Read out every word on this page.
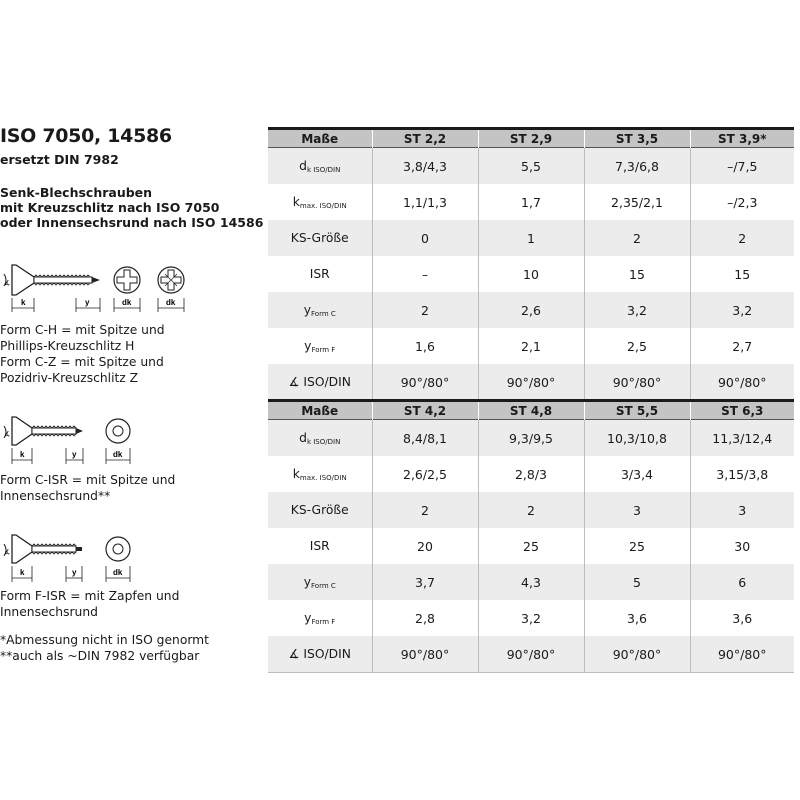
ISO 7050, 14586
ersetzt DIN 7982
Senk-Blechschrauben
mit Kreuzschlitz nach ISO 7050
oder Innensechsrund nach ISO 14586
∡
k	y	dk	dk
Form C-H = mit Spitze und
Phillips-Kreuzschlitz H
Form C-Z = mit Spitze und
Pozidriv-Kreuzschlitz Z
∡
k	y	dk
Form C-ISR = mit Spitze und
Innensechsrund**
∡
k	y	dk
Form F-ISR = mit Zapfen und
Innensechsrund
*Abmessung nicht in ISO genormt
**auch als ~DIN 7982 verfügbar
Maße	ST 2,2	ST 2,9	ST 3,5	ST 3,9*
$d_{k ISO/DIN}$	3,8/4,3	5,5	7,3/6,8	–/7,5
$k_{max. ISO/DIN}$	1,1/1,3	1,7	2,35/2,1	–/2,3
KS-Größe	0	1	2	2
ISR	–	10	15	15
$y_{Form C}$	2	2,6	3,2	3,2
$y_{Form F}$	1,6	2,1	2,5	2,7
∡ ISO/DIN	90°/80°	90°/80°	90°/80°	90°/80°
Maße	ST 4,2	ST 4,8	ST 5,5	ST 6,3
$d_{k ISO/DIN}$	8,4/8,1	9,3/9,5	10,3/10,8	11,3/12,4
$k_{max. ISO/DIN}$	2,6/2,5	2,8/3	3/3,4	3,15/3,8
KS-Größe	2	2	3	3
ISR	20	25	25	30
$y_{Form C}$	3,7	4,3	5	6
$y_{Form F}$	2,8	3,2	3,6	3,6
∡ ISO/DIN	90°/80°	90°/80°	90°/80°	90°/80°
